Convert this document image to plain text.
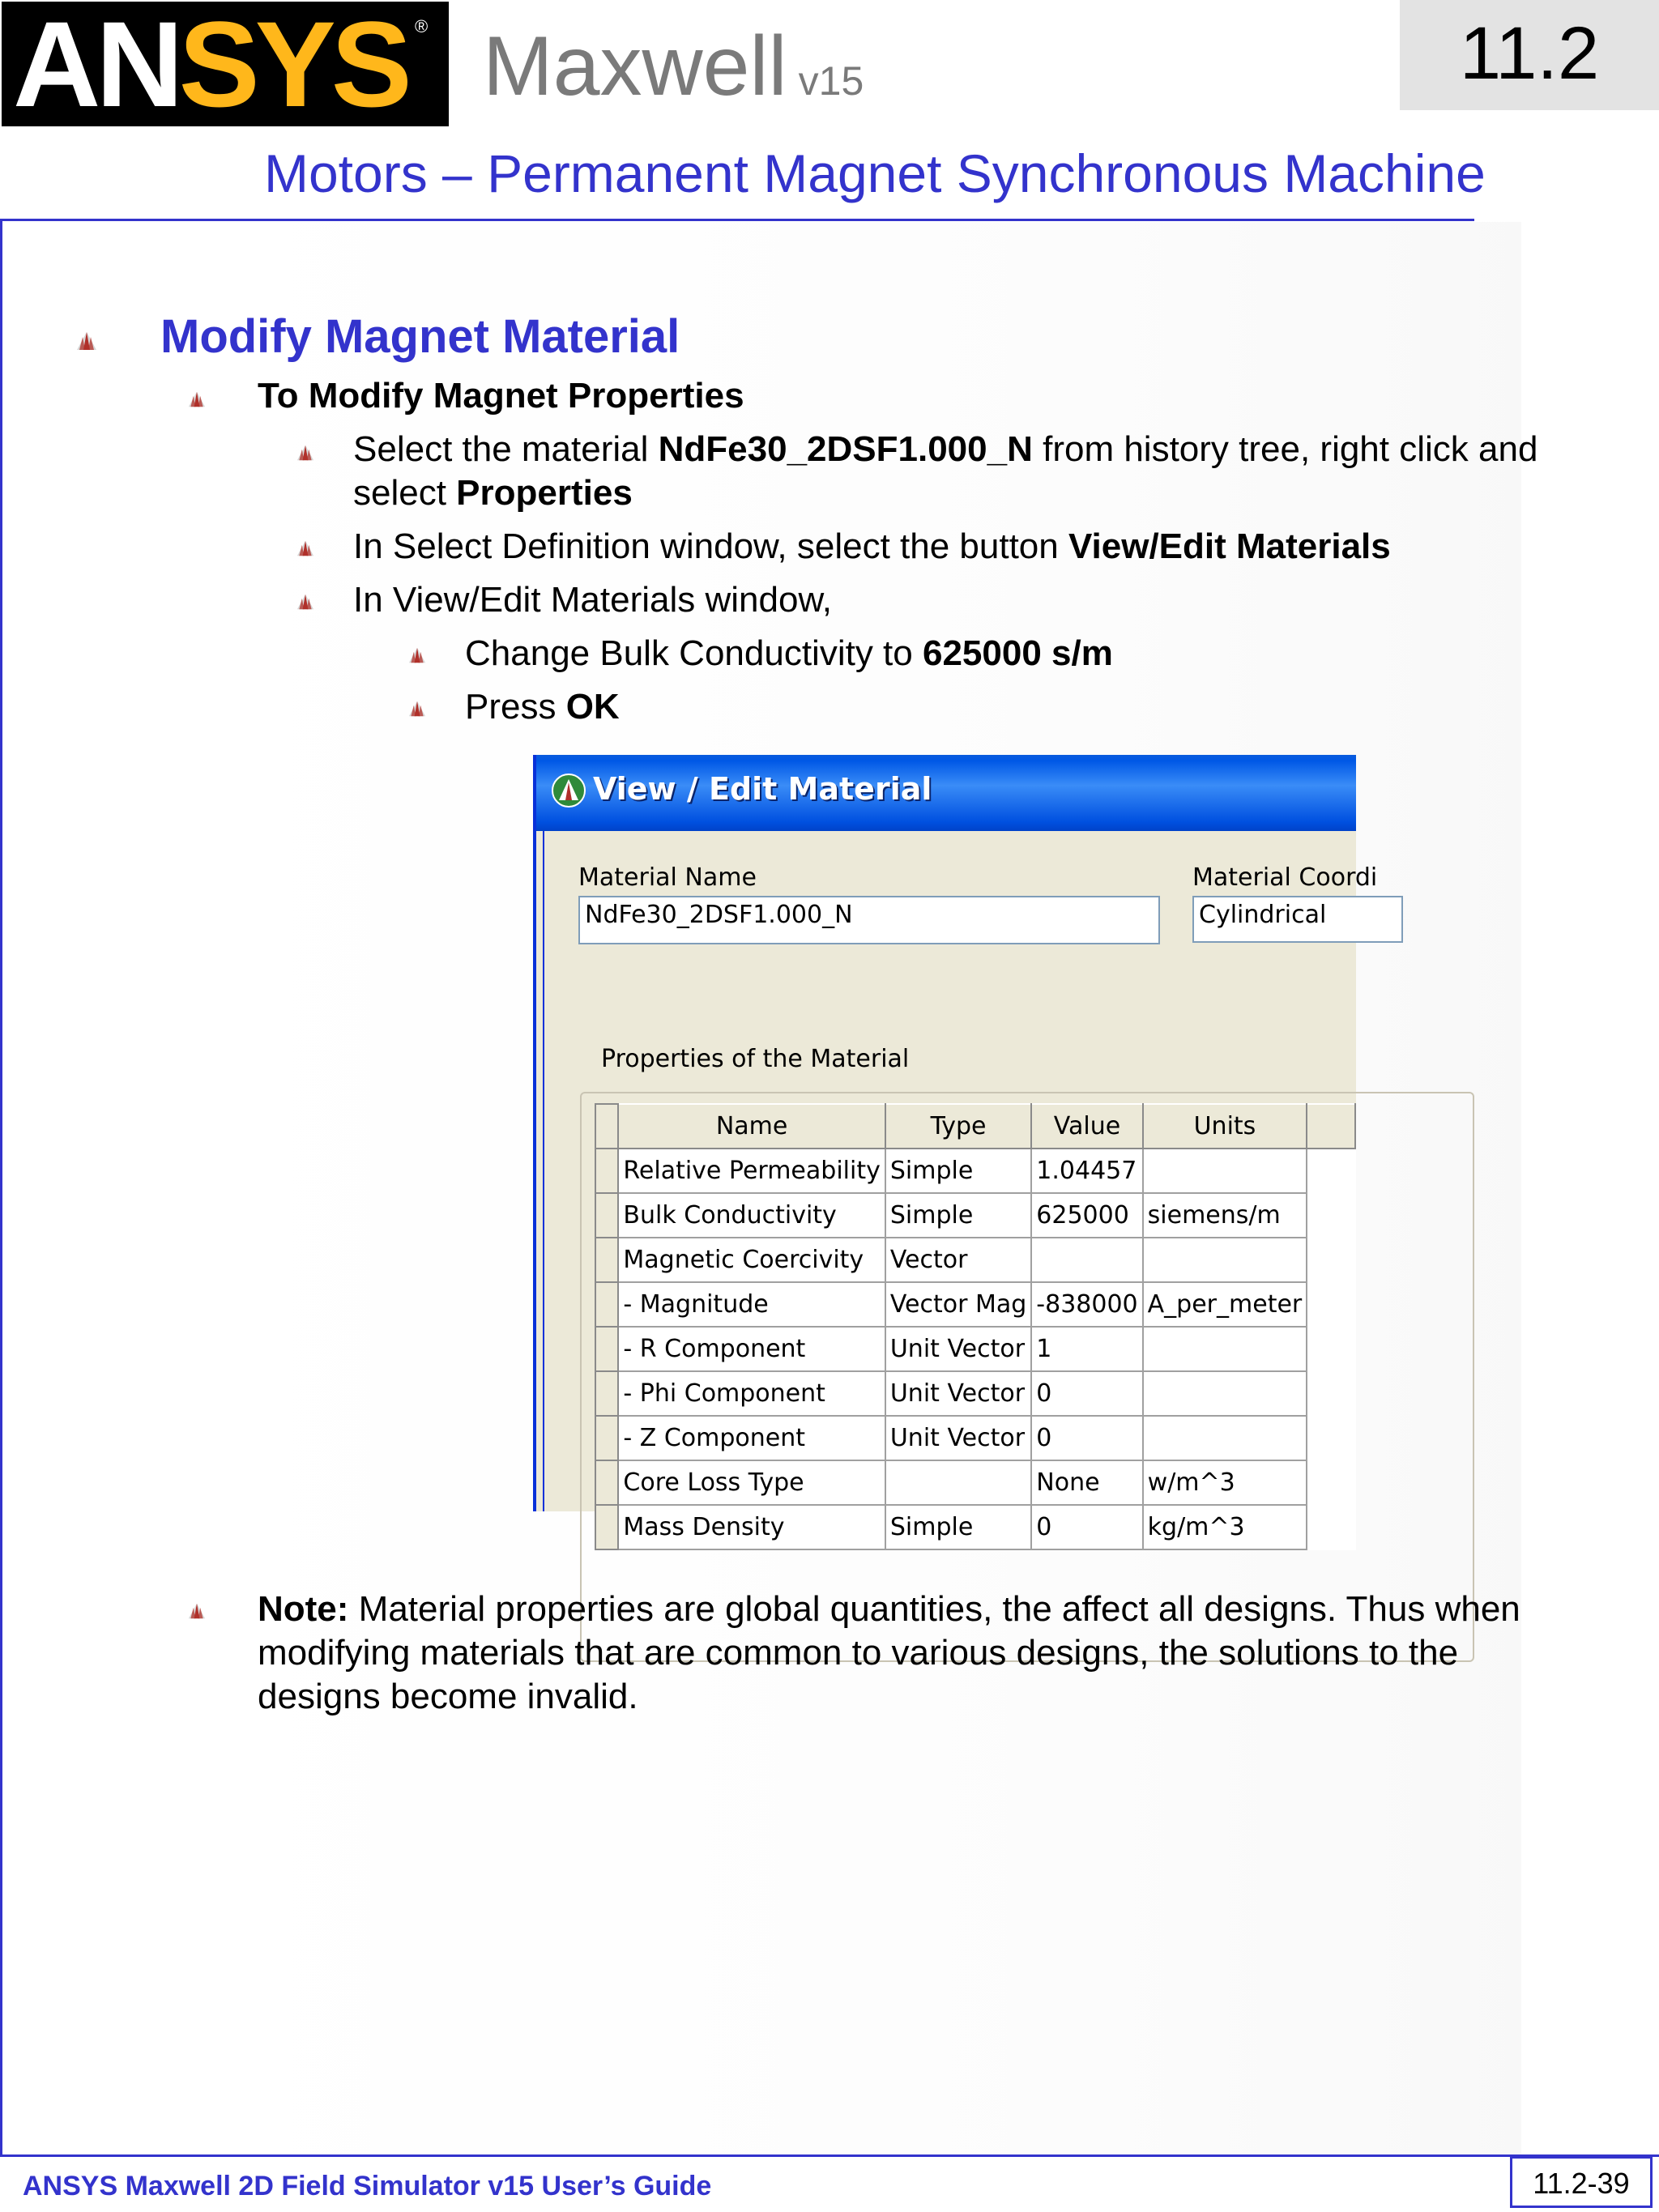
ANSYS ® Maxwell v15	11.2
Motors – Permanent Magnet Synchronous Machine
Modify Magnet Material
To Modify Magnet Properties
Select the material NdFe30_2DSF1.000_N from history tree, right click and
select Properties
In Select Definition window, select the button View/Edit Materials
In View/Edit Materials window,
Change Bulk Conductivity to 625000 s/m
Press OK
View / Edit Material
Material Name
NdFe30_2DSF1.000_N
Material Coordi
Cylindrical
Properties of the Material
	Name	Type	Value	Units	
	Relative Permeability	Simple	1.04457		
	Bulk Conductivity	Simple	625000	siemens/m	
	Magnetic Coercivity	Vector			
	- Magnitude	Vector Mag	-838000	A_per_meter	
	- R Component	Unit Vector	1		
	- Phi Component	Unit Vector	0		
	- Z Component	Unit Vector	0		
	Core Loss Type		None	w/m^3	
	Mass Density	Simple	0	kg/m^3	
Note: Material properties are global quantities, the affect all designs. Thus when
modifying materials that are common to various designs, the solutions to the
designs become invalid.
ANSYS Maxwell 2D Field Simulator v15 User’s Guide	11.2-39
